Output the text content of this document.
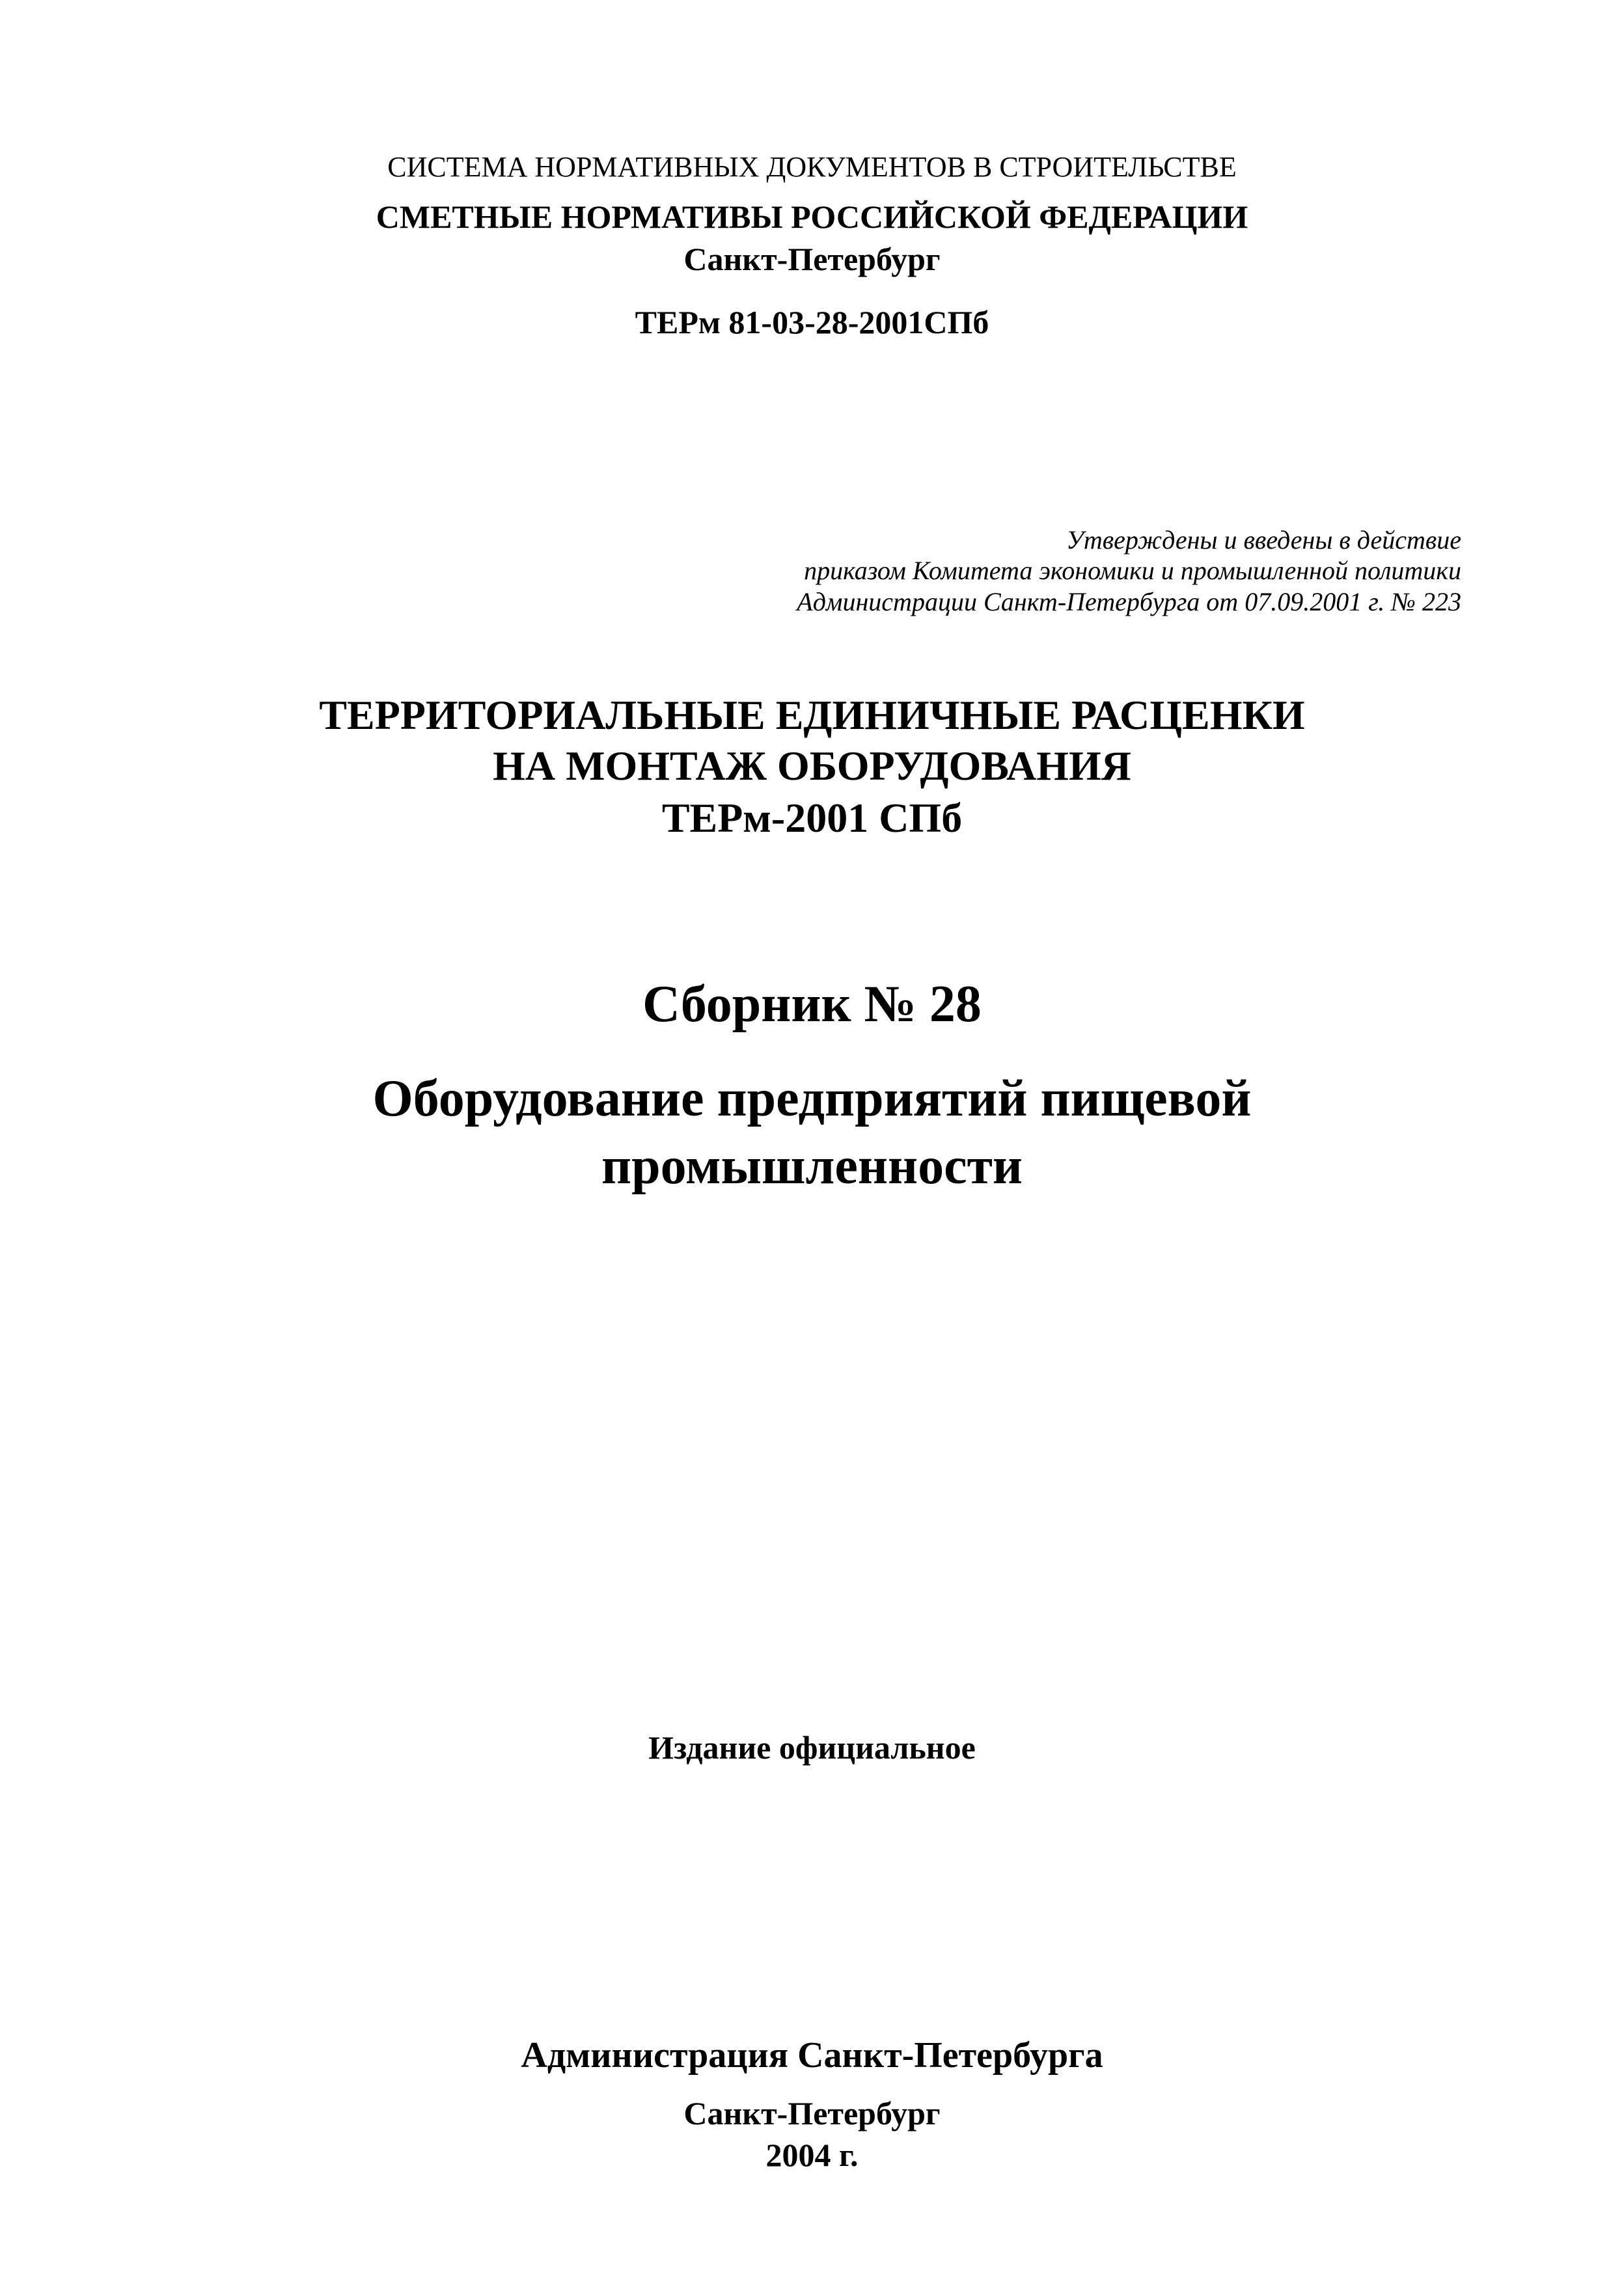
СИСТЕМА НОРМАТИВНЫХ ДОКУМЕНТОВ В СТРОИТЕЛЬСТВЕ
СМЕТНЫЕ НОРМАТИВЫ РОССИЙСКОЙ ФЕДЕРАЦИИ
Санкт-Петербург
ТЕРм 81-03-28-2001СПб
Утверждены и введены в действие
приказом Комитета экономики и промышленной политики
Администрации Санкт-Петербурга от 07.09.2001 г. № 223
ТЕРРИТОРИАЛЬНЫЕ ЕДИНИЧНЫЕ РАСЦЕНКИ
НА МОНТАЖ ОБОРУДОВАНИЯ
ТЕРм-2001 СПб
Сборник № 28
Оборудование предприятий пищевой
промышленности
Издание официальное
Администрация Санкт-Петербурга
Санкт-Петербург
2004 г.
